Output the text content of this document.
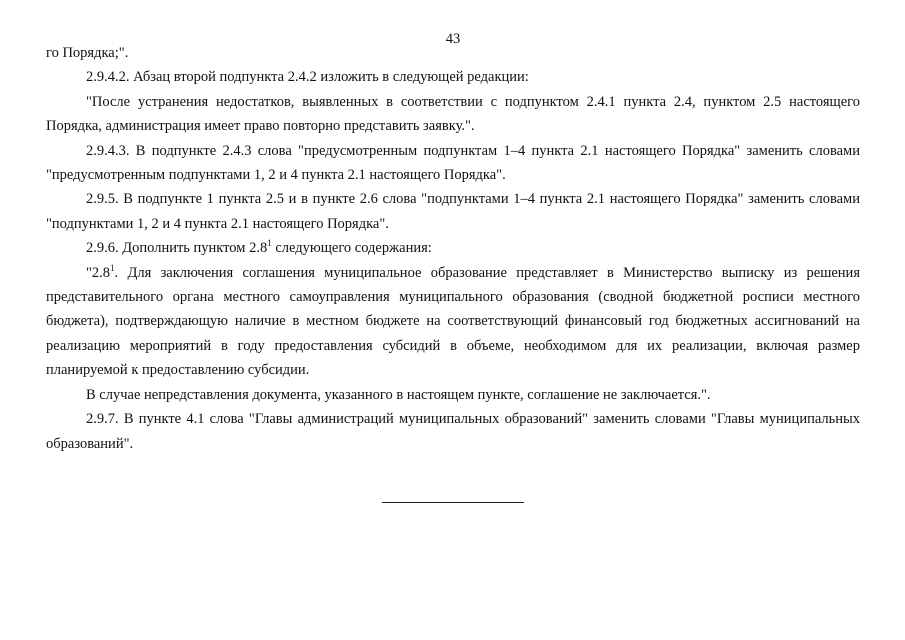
43

го Порядка;".

2.9.4.2. Абзац второй подпункта 2.4.2 изложить в следующей редакции:

"После устранения недостатков, выявленных в соответствии с подпунктом 2.4.1 пункта 2.4, пунктом 2.5 настоящего Порядка, администрация имеет право повторно представить заявку.".

2.9.4.3. В подпункте 2.4.3 слова "предусмотренным подпунктам 1–4 пункта 2.1 настоящего Порядка" заменить словами "предусмотренным подпунктами 1, 2 и 4 пункта 2.1 настоящего Порядка".

2.9.5. В подпункте 1 пункта 2.5 и в пункте 2.6 слова "подпунктами 1–4 пункта 2.1 настоящего Порядка" заменить словами "подпунктами 1, 2 и 4 пункта 2.1 настоящего Порядка".

2.9.6. Дополнить пунктом $2.8^1$ следующего содержания:

"$2.8^1$. Для заключения соглашения муниципальное образование представляет в Министерство выписку из решения представительного органа местного самоуправления муниципального образования (сводной бюджетной росписи местного бюджета), подтверждающую наличие в местном бюджете на соответствующий финансовый год бюджетных ассигнований на реализацию мероприятий в году предоставления субсидий в объеме, необходимом для их реализации, включая размер планируемой к предоставлению субсидии.

В случае непредставления документа, указанного в настоящем пункте, соглашение не заключается.".

2.9.7. В пункте 4.1 слова "Главы администраций муниципальных образований" заменить словами "Главы муниципальных образований".
